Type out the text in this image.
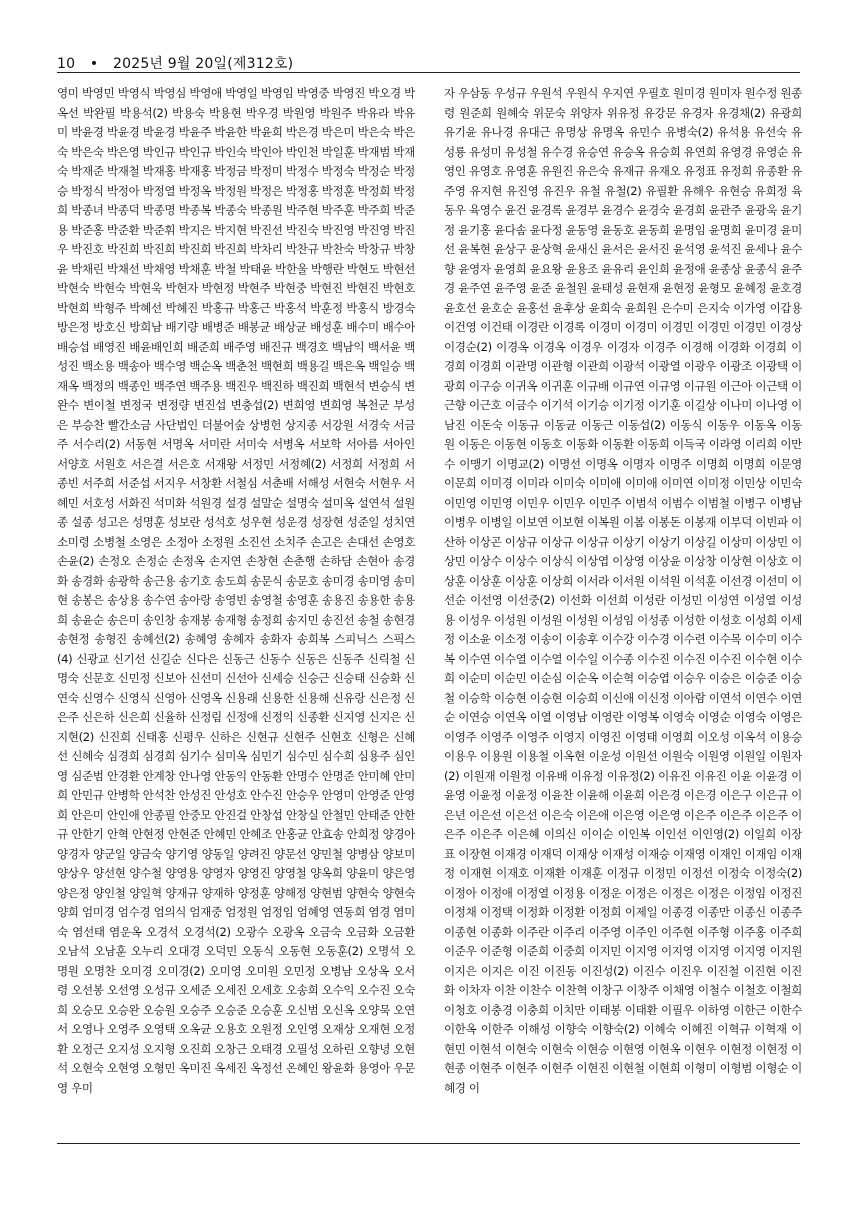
10 • 2025년 9월 20일(제312호)
영미 박영민 박영식 박영심 박영애 박영일 박영임 박영중 박영진 박오경 박옥선 박완필 박용석(2) 박용숙 박용현 박우경 박원영 박원주 박유라 박유미 박윤경 박윤경 박윤경 박윤주 박윤한 박윤희 박은경 박은미 박은숙 박은숙 박은숙 박은영 박인규 박인규 박인숙 박인아 박인천 박일훈 박재범 박재숙 박재준 박재철 박재홍 박재홍 박정금 박정미 박정수 박정숙 박정순 박정승 박정식 박정아 박정열 박정옥 박정원 박정은 박정홍 박정훈 박정희 박정희 박종녀 박종덕 박종명 박종복 박종숙 박종원 박주현 박주훈 박주희 박준용 박준홍 박준환 박준휘 박지은 박지현 박진선 박진숙 박진영 박진영 박진우 박진호 박진희 박진희 박진희 박진희 박차리 박찬규 박찬숙 박창규 박창윤 박채린 박채선 박채영 박채훈 박철 박태윤 박한울 박행란 박현도 박현선 박현숙 박현숙 박현욱 박현자 박현정 박현주 박현중 박현진 박현진 박현호 박현희 박형주 박혜선 박혜진 박홍규 박홍근 박홍석 박훈정 박홍식 방경숙 방은정 방호신 방희남 배기량 배병준 배봉균 배상균 배성훈 배수미 배수아 배승섭 배영진 배윤배인희 배준희 배주영 배진규 백경호 백남익 백서윤 백성진 백소용 백송아 백수영 백순옥 백춘천 백현희 백용길 백은옥 백일승 백재옥 백정의 백종인 백주연 백주용 백진우 백진하 백진희 백현석 변승식 변완수 변이철 변정국 변정량 변진섭 변충섭(2) 변희영 변희영 복천군 부성은 부승찬 빨간소금 사단법인 더불어숲 상병헌 상지종 서강원 서경숙 서금주 서수리(2) 서동현 서명옥 서미란 서미숙 서병옥 서보학 서아름 서아인 서양호 서원호 서은결 서은호 서재왕 서정민 서정혜(2) 서정희 서정희 서종빈 서주희 서준섭 서지우 서창환 서철심 서춘배 서해성 서현숙 서현우 서혜민 서호성 서화진 석미화 석원경 설경 설말순 설명숙 설미옥 설연석 설원종 설종 성고은 성명훈 성보란 성석호 성우현 성운경 성장현 성준일 성치연 소미령 소병철 소영은 소정아 소정원 소진선 소치주 손고은 손대선 손영호 손윤(2) 손정오 손정순 손정옥 손지연 손창현 손춘행 손하담 손현아 송경화 송경화 송광학 송근용 송기호 송도희 송문식 송문호 송미경 송미영 송미현 송봉은 송상용 송수연 송아랑 송영빈 송영철 송영훈 송용진 송용한 송용희 송윤순 송은미 송인창 송재봉 송재형 송정희 송지민 송진선 송철 송현경 송현정 송형진 송혜선(2) 송혜영 송혜자 송화자 송희복 스피닉스 스픽스(4) 신광교 신기선 신길순 신다은 신동근 신동수 신동은 신동주 신릭철 신명숙 신문호 신민정 신보아 신선미 신선아 신세승 신승근 신승태 신승화 신연숙 신영수 신영식 신영아 신영옥 신용래 신용한 신용해 신유랑 신은정 신은주 신은하 신은희 신율하 신정림 신정애 신정익 신종환 신지영 신지은 신지현(2) 신진희 신태홍 신평우 신하은 신현규 신현주 신현호 신형은 신혜선 신혜숙 심경희 심경희 심기수 심미옥 심민기 심수민 심수희 심용주 심인영 심준범 안경환 안계창 안나영 안동익 안동환 안명수 안명준 안미혜 안미희 안민규 안병학 안석찬 안성진 안성호 안수진 안승우 안영미 안영준 안영희 안은미 안인애 안종필 안중모 안진걸 안창섭 안창실 안철민 안태준 안한규 안한기 안혁 안현정 안현준 안혜민 안혜조 안홍균 안효송 안희정 양경아 양경자 양군일 양금숙 양기영 양동일 양려진 양문선 양민철 양병삼 양보미 양상우 양선현 양수철 양영용 양영자 양영진 양영철 양옥희 양윤미 양은영 양은정 양인철 양일혁 양재규 양재하 양정훈 양해정 양현범 양현숙 양현숙 양희 엄미경 엄수경 엄의식 엄재중 엄정원 엄정임 엄혜영 연동희 염경 염미숙 염선태 염운옥 오경석 오경석(2) 오광수 오광옥 오금숙 오금화 오금환 오남석 오남훈 오누리 오대경 오덕민 오동식 오동현 오동훈(2) 오명석 오명원 오명찬 오미경 오미경(2) 오미영 오미원 오민정 오병남 오상옥 오서령 오선봉 오선영 오성규 오세준 오세진 오세호 오송희 오수익 오수진 오숙희 오승모 오승완 오승원 오승주 오승준 오승훈 오신범 오신옥 오양묵 오연서 오영나 오영주 오영택 오옥균 오용호 오원정 오인영 오재상 오재현 오정환 오정근 오지성 오지형 오진희 오창근 오태경 오필성 오하린 오향녕 오현석 오현숙 오현영 오형민 옥미진 옥세진 옥정선 온혜인 왕윤화 용영아 우문영 우미
자 우삼동 우성규 우원석 우원식 우지연 우필호 원미경 원미자 원수정 원종령 원준희 원혜숙 위문숙 위양자 위유정 유강문 유경자 유경채(2) 유광희 유기윤 유나경 유대근 유명상 유명옥 유민수 유병숙(2) 유석용 유선숙 유성룡 유성미 유성철 유수경 유승연 유승옥 유승희 유연희 유영경 유영순 유영인 유영호 유영훈 유원진 유은숙 유재규 유재오 유정표 유정희 유종환 유주영 유지현 유진영 유진우 유철 유철(2) 유필환 유해우 유현승 유희정 육동우 육영수 윤건 윤경록 윤경부 윤경수 윤경숙 윤경희 윤관주 윤광욱 윤기정 윤기홍 윤다솜 윤다정 윤동영 윤동호 윤동희 윤명임 윤명희 윤미경 윤미선 윤복현 윤상구 윤상혁 윤새신 윤서은 윤서진 윤석영 윤석진 윤세나 윤수향 윤영자 윤영희 윤요왕 윤용조 윤유리 윤인희 윤정애 윤종상 윤종식 윤주경 윤주연 윤주영 윤준 윤철원 윤태성 윤현재 윤현정 윤형모 윤혜정 윤호경 윤호선 윤호순 윤홍선 윤후상 윤희숙 윤희원 은수미 은지숙 이가영 이갑용 이건영 이건태 이경란 이경록 이경미 이경미 이경민 이경민 이경민 이경상 이경순(2) 이경옥 이경옥 이경우 이경자 이경주 이경해 이경화 이경희 이경희 이경희 이관명 이관형 이관희 이광석 이광열 이광우 이광조 이광택 이광희 이구승 이귀옥 이귀훈 이규배 이규연 이규영 이규원 이근아 이근택 이근향 이근호 이금수 이기석 이기승 이기정 이기훈 이길상 이나미 이나영 이남진 이돈숙 이동규 이동균 이동근 이동섭(2) 이동식 이동우 이동옥 이동원 이동은 이동현 이동호 이동화 이동환 이동희 이득국 이라영 이리희 이만수 이맹기 이명교(2) 이명선 이명옥 이명자 이명주 이명희 이명희 이문영 이문희 이미경 이미라 이미숙 이미애 이미애 이미연 이미정 이민상 이민숙 이민영 이민영 이민우 이민우 이민주 이범석 이범수 이범철 이병구 이병남 이병우 이병일 이보연 이보현 이복원 이봄 이봉돈 이봉재 이부덕 이빈파 이산하 이상곤 이상규 이상규 이상규 이상기 이상기 이상길 이상미 이상민 이상민 이상수 이상수 이상식 이상엽 이상영 이상윤 이상창 이상현 이상호 이상훈 이상훈 이상훈 이상희 이서라 이서원 이석원 이석훈 이선경 이선미 이선순 이선영 이선중(2) 이선화 이선희 이성란 이성민 이성연 이성열 이성용 이성우 이성원 이성원 이성원 이성임 이성종 이성한 이성호 이성희 이세정 이소윤 이소정 이송이 이송후 이수강 이수경 이수련 이수목 이수미 이수복 이수연 이수열 이수열 이수일 이수종 이수진 이수진 이수진 이수현 이수희 이순미 이순민 이순심 이순옥 이순혁 이승엽 이승우 이승은 이승준 이승철 이승학 이승현 이승현 이승희 이신애 이신정 이아람 이연석 이연수 이연순 이연승 이연옥 이열 이영남 이영란 이영복 이영숙 이영순 이영숙 이영은 이영주 이영주 이영주 이영지 이영진 이영태 이영희 이오성 이옥석 이용승 이용우 이용원 이용철 이옥현 이운성 이원선 이원숙 이원영 이원일 이원자(2) 이원재 이원정 이유배 이유정 이유정(2) 이유진 이유진 이윤 이윤경 이윤영 이윤정 이윤정 이윤찬 이윤해 이윤희 이은경 이은경 이은구 이은규 이은년 이은선 이은선 이은숙 이은애 이은영 이은영 이은주 이은주 이은주 이은주 이은주 이은혜 이의신 이이순 이인복 이인선 이인영(2) 이일희 이장표 이장현 이재경 이재덕 이재상 이재성 이재승 이재영 이재인 이재임 이재정 이재현 이재호 이재환 이재훈 이정규 이정민 이정선 이정숙 이정숙(2) 이정아 이정애 이정열 이정용 이정운 이정은 이정은 이정은 이정임 이정진 이정채 이정택 이정화 이정환 이정희 이제일 이종경 이종만 이종신 이종주 이종현 이종화 이주란 이주리 이주영 이주인 이주현 이주형 이주홍 이주희 이준우 이준형 이준희 이중희 이지민 이지영 이지영 이지영 이지영 이지원 이지은 이지은 이진 이진동 이진성(2) 이진수 이진우 이진철 이진현 이진화 이차자 이찬 이찬수 이찬혁 이창구 이창주 이채영 이철수 이철호 이철희 이청호 이충경 이충희 이치만 이태봉 이태환 이필우 이하영 이한근 이한수 이한옥 이한주 이해성 이향숙 이향숙(2) 이혜숙 이혜진 이혁규 이혁재 이현민 이현석 이현숙 이현숙 이현승 이현영 이현옥 이현우 이현정 이현정 이현종 이현주 이현주 이현주 이현진 이현철 이현희 이형미 이형범 이형순 이혜경 이
